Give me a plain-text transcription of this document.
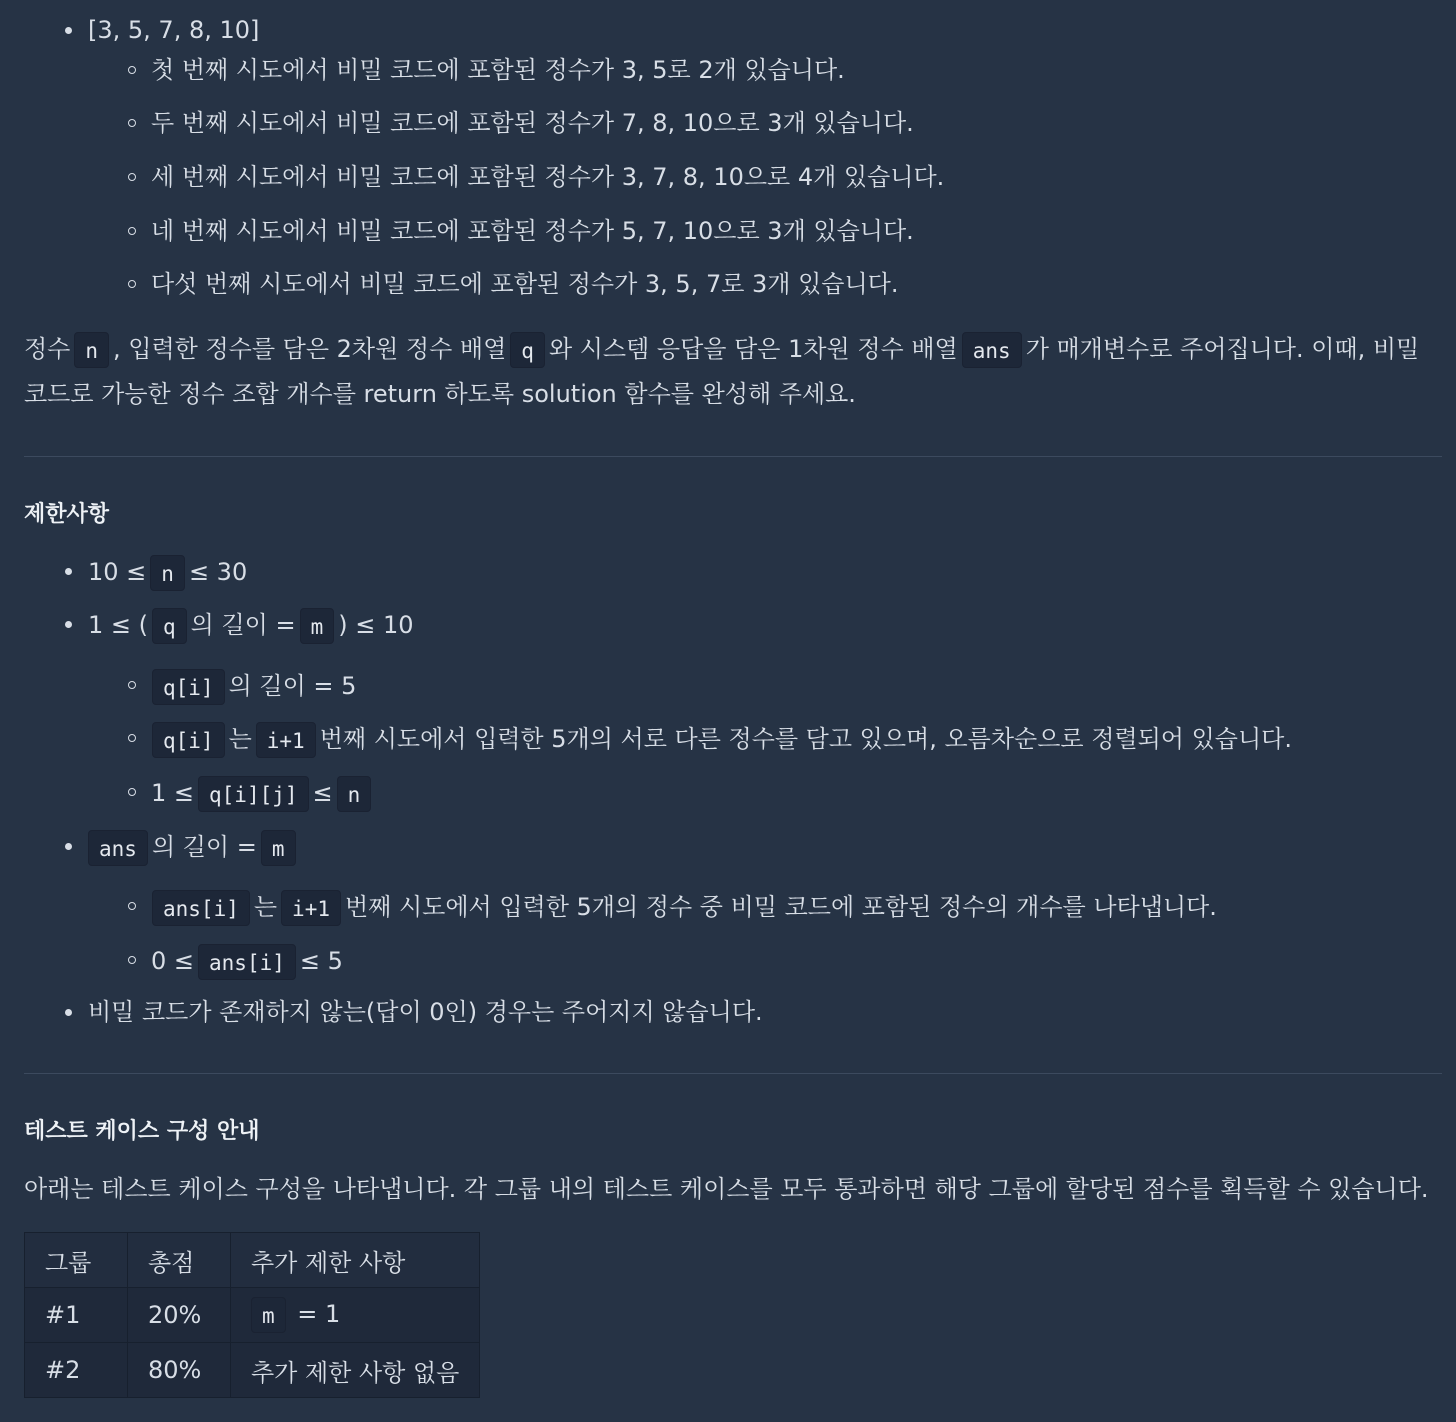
[3, 5, 7, 8, 10]
첫 번째 시도에서 비밀 코드에 포함된 정수가 3, 5로 2개 있습니다.
두 번째 시도에서 비밀 코드에 포함된 정수가 7, 8, 10으로 3개 있습니다.
세 번째 시도에서 비밀 코드에 포함된 정수가 3, 7, 8, 10으로 4개 있습니다.
네 번째 시도에서 비밀 코드에 포함된 정수가 5, 7, 10으로 3개 있습니다.
다섯 번째 시도에서 비밀 코드에 포함된 정수가 3, 5, 7로 3개 있습니다.
정수 n , 입력한 정수를 담은 2차원 정수 배열 q 와 시스템 응답을 담은 1차원 정수 배열 ans 가 매개변수로 주어집니다. 이때, 비밀
코드로 가능한 정수 조합 개수를 return 하도록 solution 함수를 완성해 주세요.
제한사항
10 ≤ n ≤ 30
1 ≤ ( q 의 길이 = m ) ≤ 10
q[i] 의 길이 = 5
q[i] 는 i+1 번째 시도에서 입력한 5개의 서로 다른 정수를 담고 있으며, 오름차순으로 정렬되어 있습니다.
1 ≤ q[i][j] ≤ n
ans 의 길이 = m
ans[i] 는 i+1 번째 시도에서 입력한 5개의 정수 중 비밀 코드에 포함된 정수의 개수를 나타냅니다.
0 ≤ ans[i] ≤ 5
비밀 코드가 존재하지 않는(답이 0인) 경우는 주어지지 않습니다.
테스트 케이스 구성 안내
아래는 테스트 케이스 구성을 나타냅니다. 각 그룹 내의 테스트 케이스를 모두 통과하면 해당 그룹에 할당된 점수를 획득할 수 있습니다.
그룹	총점	추가 제한 사항
#1	20%	m = 1
#2	80%	추가 제한 사항 없음
